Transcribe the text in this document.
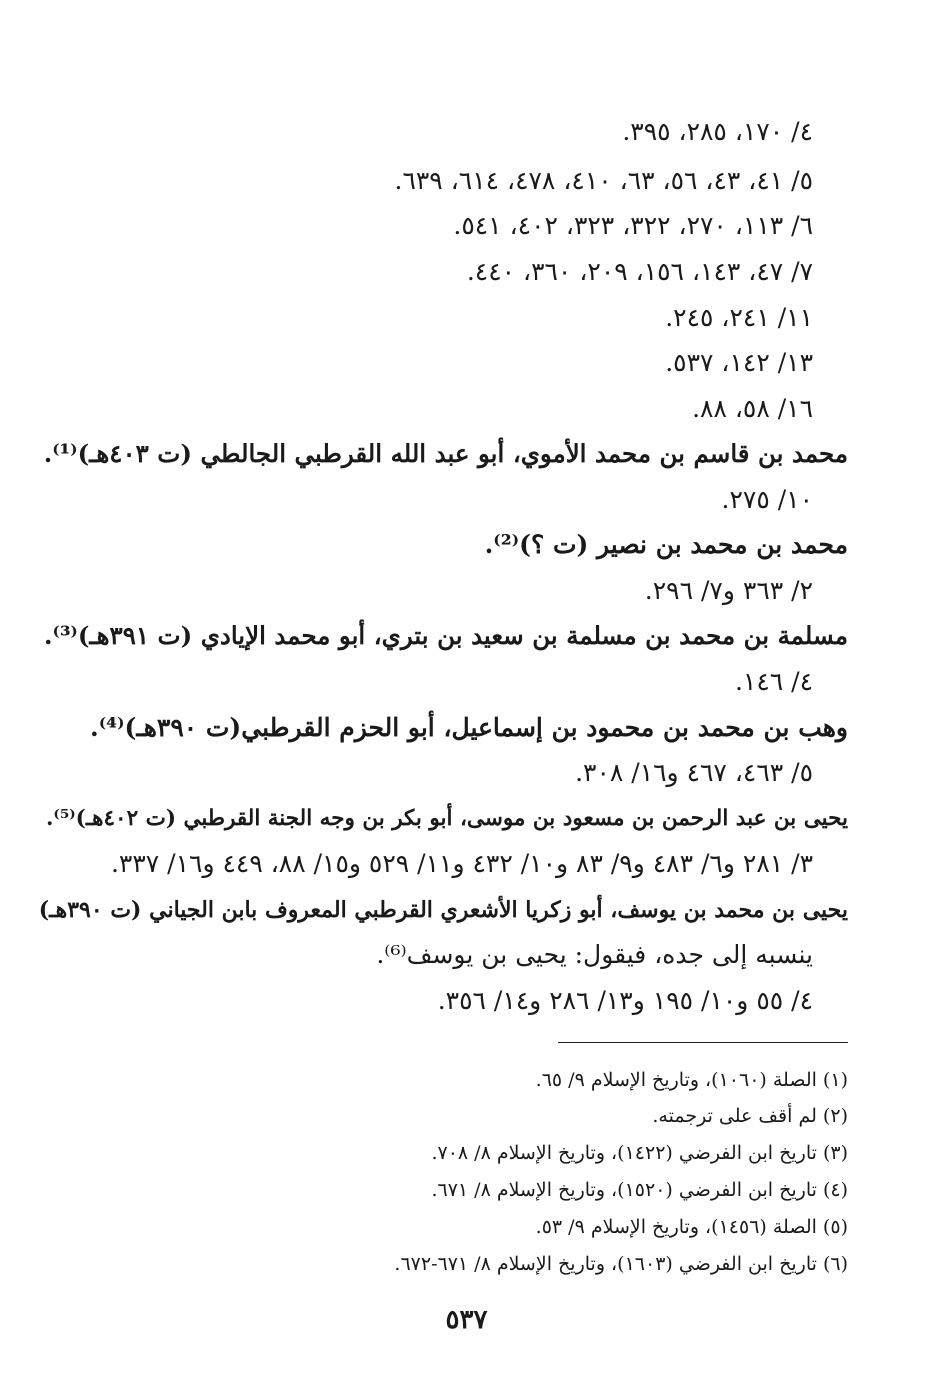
٤/ ١٧٠، ٢٨٥، ٣٩٥.
٥/ ٤١، ٤٣، ٥٦، ٦٣، ٤١٠، ٤٧٨، ٦١٤، ٦٣٩.
٦/ ١١٣، ٢٧٠، ٣٢٢، ٣٢٣، ٤٠٢، ٥٤١.
٧/ ٤٧، ١٤٣، ١٥٦، ٢٠٩، ٣٦٠، ٤٤٠.
١١/ ٢٤١، ٢٤٥.
١٣/ ١٤٢، ٥٣٧.
١٦/ ٥٨، ٨٨.
محمد بن قاسم بن محمد الأموي، أبو عبد الله القرطبي الجالطي (ت ٤٠٣هـ)⁽¹⁾.
١٠/ ٢٧٥.
محمد بن محمد بن نصير (ت ؟)⁽²⁾.
٢/ ٣٦٣ و٧/ ٢٩٦.
مسلمة بن محمد بن مسلمة بن سعيد بن بتري، أبو محمد الإيادي (ت ٣٩١هـ)⁽³⁾.
٤/ ١٤٦.
وهب بن محمد بن محمود بن إسماعيل، أبو الحزم القرطبي(ت ٣٩٠هـ)⁽⁴⁾.
٥/ ٤٦٣، ٤٦٧ و١٦/ ٣٠٨.
يحيى بن عبد الرحمن بن مسعود بن موسى، أبو بكر بن وجه الجنة القرطبي (ت ٤٠٢هـ)⁽⁵⁾.
٣/ ٢٨١ و٦/ ٤٨٣ و٩/ ٨٣ و١٠/ ٤٣٢ و١١/ ٥٢٩ و١٥/ ٨٨، ٤٤٩ و١٦/ ٣٣٧.
يحيى بن محمد بن يوسف، أبو زكريا الأشعري القرطبي المعروف بابن الجياني (ت ٣٩٠هـ)
ينسبه إلى جده، فيقول: يحيى بن يوسف⁽⁶⁾.
٤/ ٥٥ و١٠/ ١٩٥ و١٣/ ٢٨٦ و١٤/ ٣٥٦.
(١) الصلة (١٠٦٠)، وتاريخ الإسلام ٩/ ٦٥.
(٢) لم أقف على ترجمته.
(٣) تاريخ ابن الفرضي (١٤٢٢)، وتاريخ الإسلام ٨/ ٧٠٨.
(٤) تاريخ ابن الفرضي (١٥٢٠)، وتاريخ الإسلام ٨/ ٦٧١.
(٥) الصلة (١٤٥٦)، وتاريخ الإسلام ٩/ ٥٣.
(٦) تاريخ ابن الفرضي (١٦٠٣)، وتاريخ الإسلام ٨/ ٦٧١-٦٧٢.
٥٣٧
